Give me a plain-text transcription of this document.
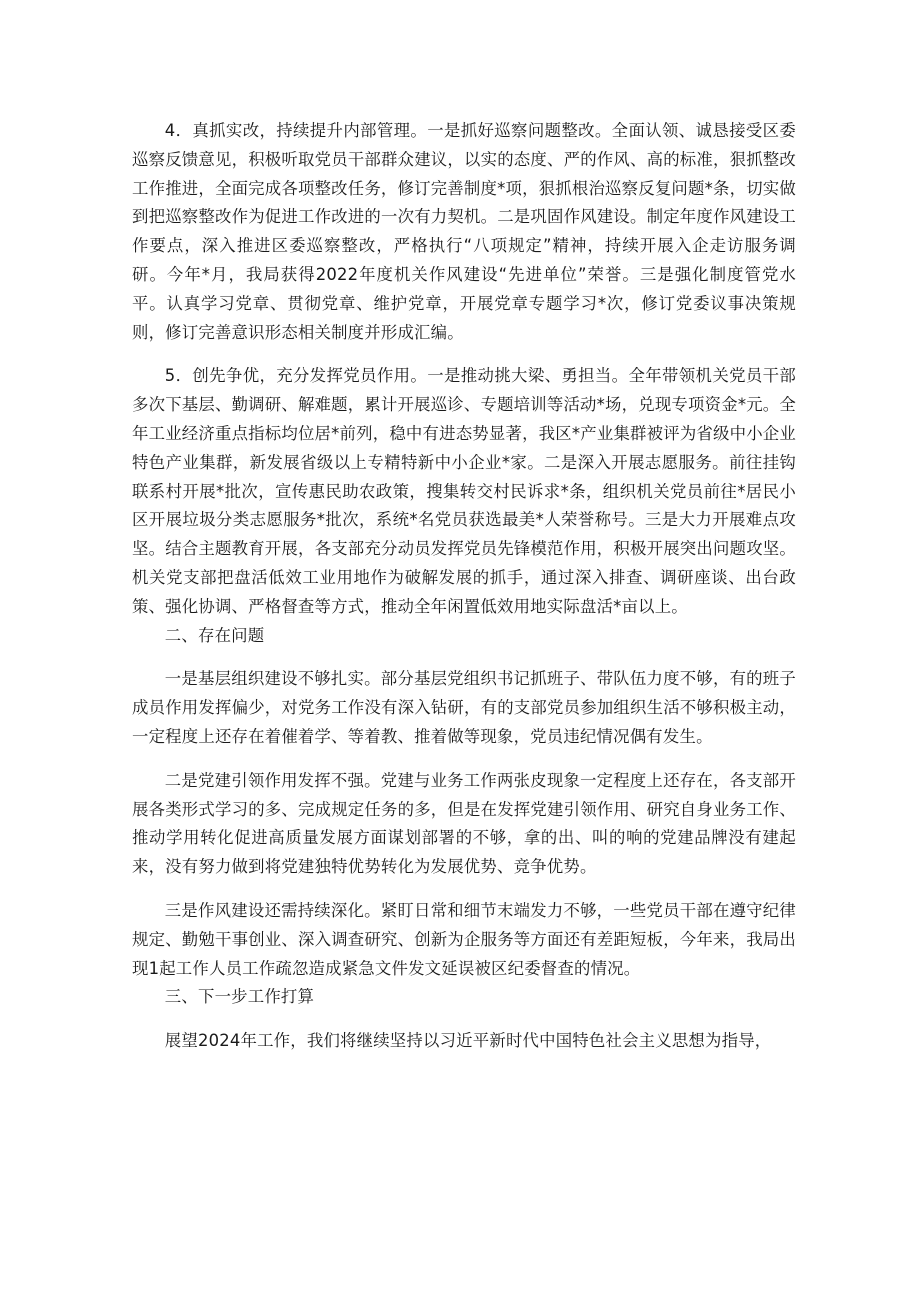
4．真抓实改，持续提升内部管理。一是抓好巡察问题整改。全面认领、诚恳接受区委巡察反馈意见，积极听取党员干部群众建议，以实的态度、严的作风、高的标准，狠抓整改工作推进，全面完成各项整改任务，修订完善制度*项，狠抓根治巡察反复问题*条，切实做到把巡察整改作为促进工作改进的一次有力契机。二是巩固作风建设。制定年度作风建设工作要点，深入推进区委巡察整改，严格执行“八项规定”精神，持续开展入企走访服务调研。今年*月，我局获得2022年度机关作风建设“先进单位”荣誉。三是强化制度管党水平。认真学习党章、贯彻党章、维护党章，开展党章专题学习*次，修订党委议事决策规则，修订完善意识形态相关制度并形成汇编。

5．创先争优，充分发挥党员作用。一是推动挑大梁、勇担当。全年带领机关党员干部多次下基层、勤调研、解难题，累计开展巡诊、专题培训等活动*场，兑现专项资金*元。全年工业经济重点指标均位居*前列，稳中有进态势显著，我区*产业集群被评为省级中小企业特色产业集群，新发展省级以上专精特新中小企业*家。二是深入开展志愿服务。前往挂钩联系村开展*批次，宣传惠民助农政策，搜集转交村民诉求*条，组织机关党员前往*居民小区开展垃圾分类志愿服务*批次，系统*名党员获选最美*人荣誉称号。三是大力开展难点攻坚。结合主题教育开展，各支部充分动员发挥党员先锋模范作用，积极开展突出问题攻坚。机关党支部把盘活低效工业用地作为破解发展的抓手，通过深入排查、调研座谈、出台政策、强化协调、严格督查等方式，推动全年闲置低效用地实际盘活*亩以上。

二、存在问题

一是基层组织建设不够扎实。部分基层党组织书记抓班子、带队伍力度不够，有的班子成员作用发挥偏少，对党务工作没有深入钻研，有的支部党员参加组织生活不够积极主动，一定程度上还存在着催着学、等着教、推着做等现象，党员违纪情况偶有发生。

二是党建引领作用发挥不强。党建与业务工作两张皮现象一定程度上还存在，各支部开展各类形式学习的多、完成规定任务的多，但是在发挥党建引领作用、研究自身业务工作、推动学用转化促进高质量发展方面谋划部署的不够，拿的出、叫的响的党建品牌没有建起来，没有努力做到将党建独特优势转化为发展优势、竞争优势。

三是作风建设还需持续深化。紧盯日常和细节末端发力不够，一些党员干部在遵守纪律规定、勤勉干事创业、深入调查研究、创新为企服务等方面还有差距短板，今年来，我局出现1起工作人员工作疏忽造成紧急文件发文延误被区纪委督查的情况。

三、下一步工作打算

展望2024年工作，我们将继续坚持以习近平新时代中国特色社会主义思想为指导，
